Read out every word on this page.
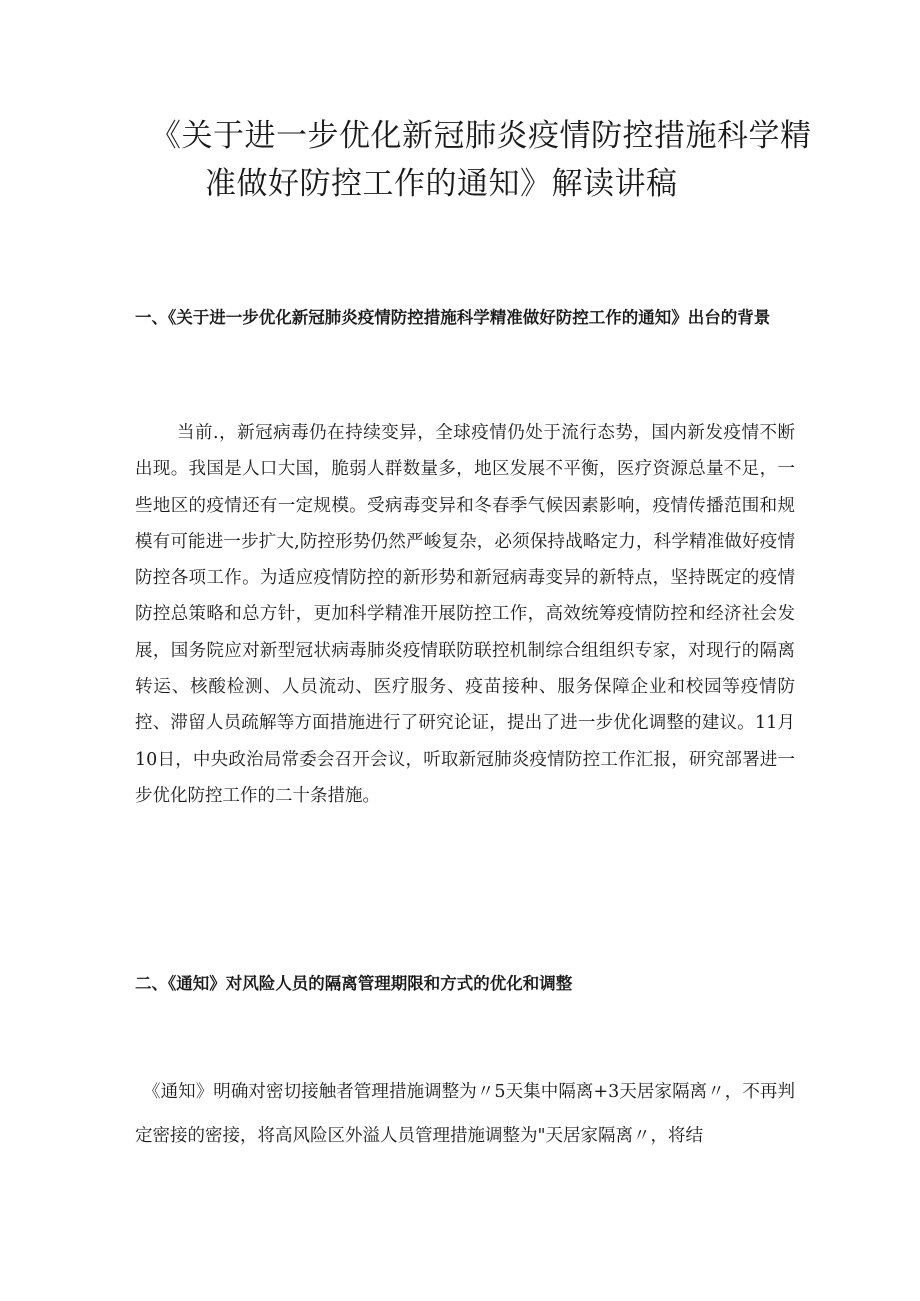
《关于进一步优化新冠肺炎疫情防控措施科学精
准做好防控工作的通知》解读讲稿
一、《关于进一步优化新冠肺炎疫情防控措施科学精准做好防控工作的通知》出台的背景

当前.，新冠病毒仍在持续变异，全球疫情仍处于流行态势，国内新发疫情不断出现。我国是人口大国，脆弱人群数量多，地区发展不平衡，医疗资源总量不足，一些地区的疫情还有一定规模。受病毒变异和冬春季气候因素影响，疫情传播范围和规模有可能进一步扩大,防控形势仍然严峻复杂，必须保持战略定力，科学精准做好疫情防控各项工作。为适应疫情防控的新形势和新冠病毒变异的新特点，坚持既定的疫情防控总策略和总方针，更加科学精准开展防控工作，高效统筹疫情防控和经济社会发展，国务院应对新型冠状病毒肺炎疫情联防联控机制综合组组织专家，对现行的隔离转运、核酸检测、人员流动、医疗服务、疫苗接种、服务保障企业和校园等疫情防控、滞留人员疏解等方面措施进行了研究论证，提出了进一步优化调整的建议。11月10日，中央政治局常委会召开会议，听取新冠肺炎疫情防控工作汇报，研究部署进一步优化防控工作的二十条措施。

二、《通知》对风险人员的隔离管理期限和方式的优化和调整

《通知》明确对密切接触者管理措施调整为〃5天集中隔离+3天居家隔离〃，不再判定密接的密接，将高风险区外溢人员管理措施调整为"天居家隔离〃，将结
